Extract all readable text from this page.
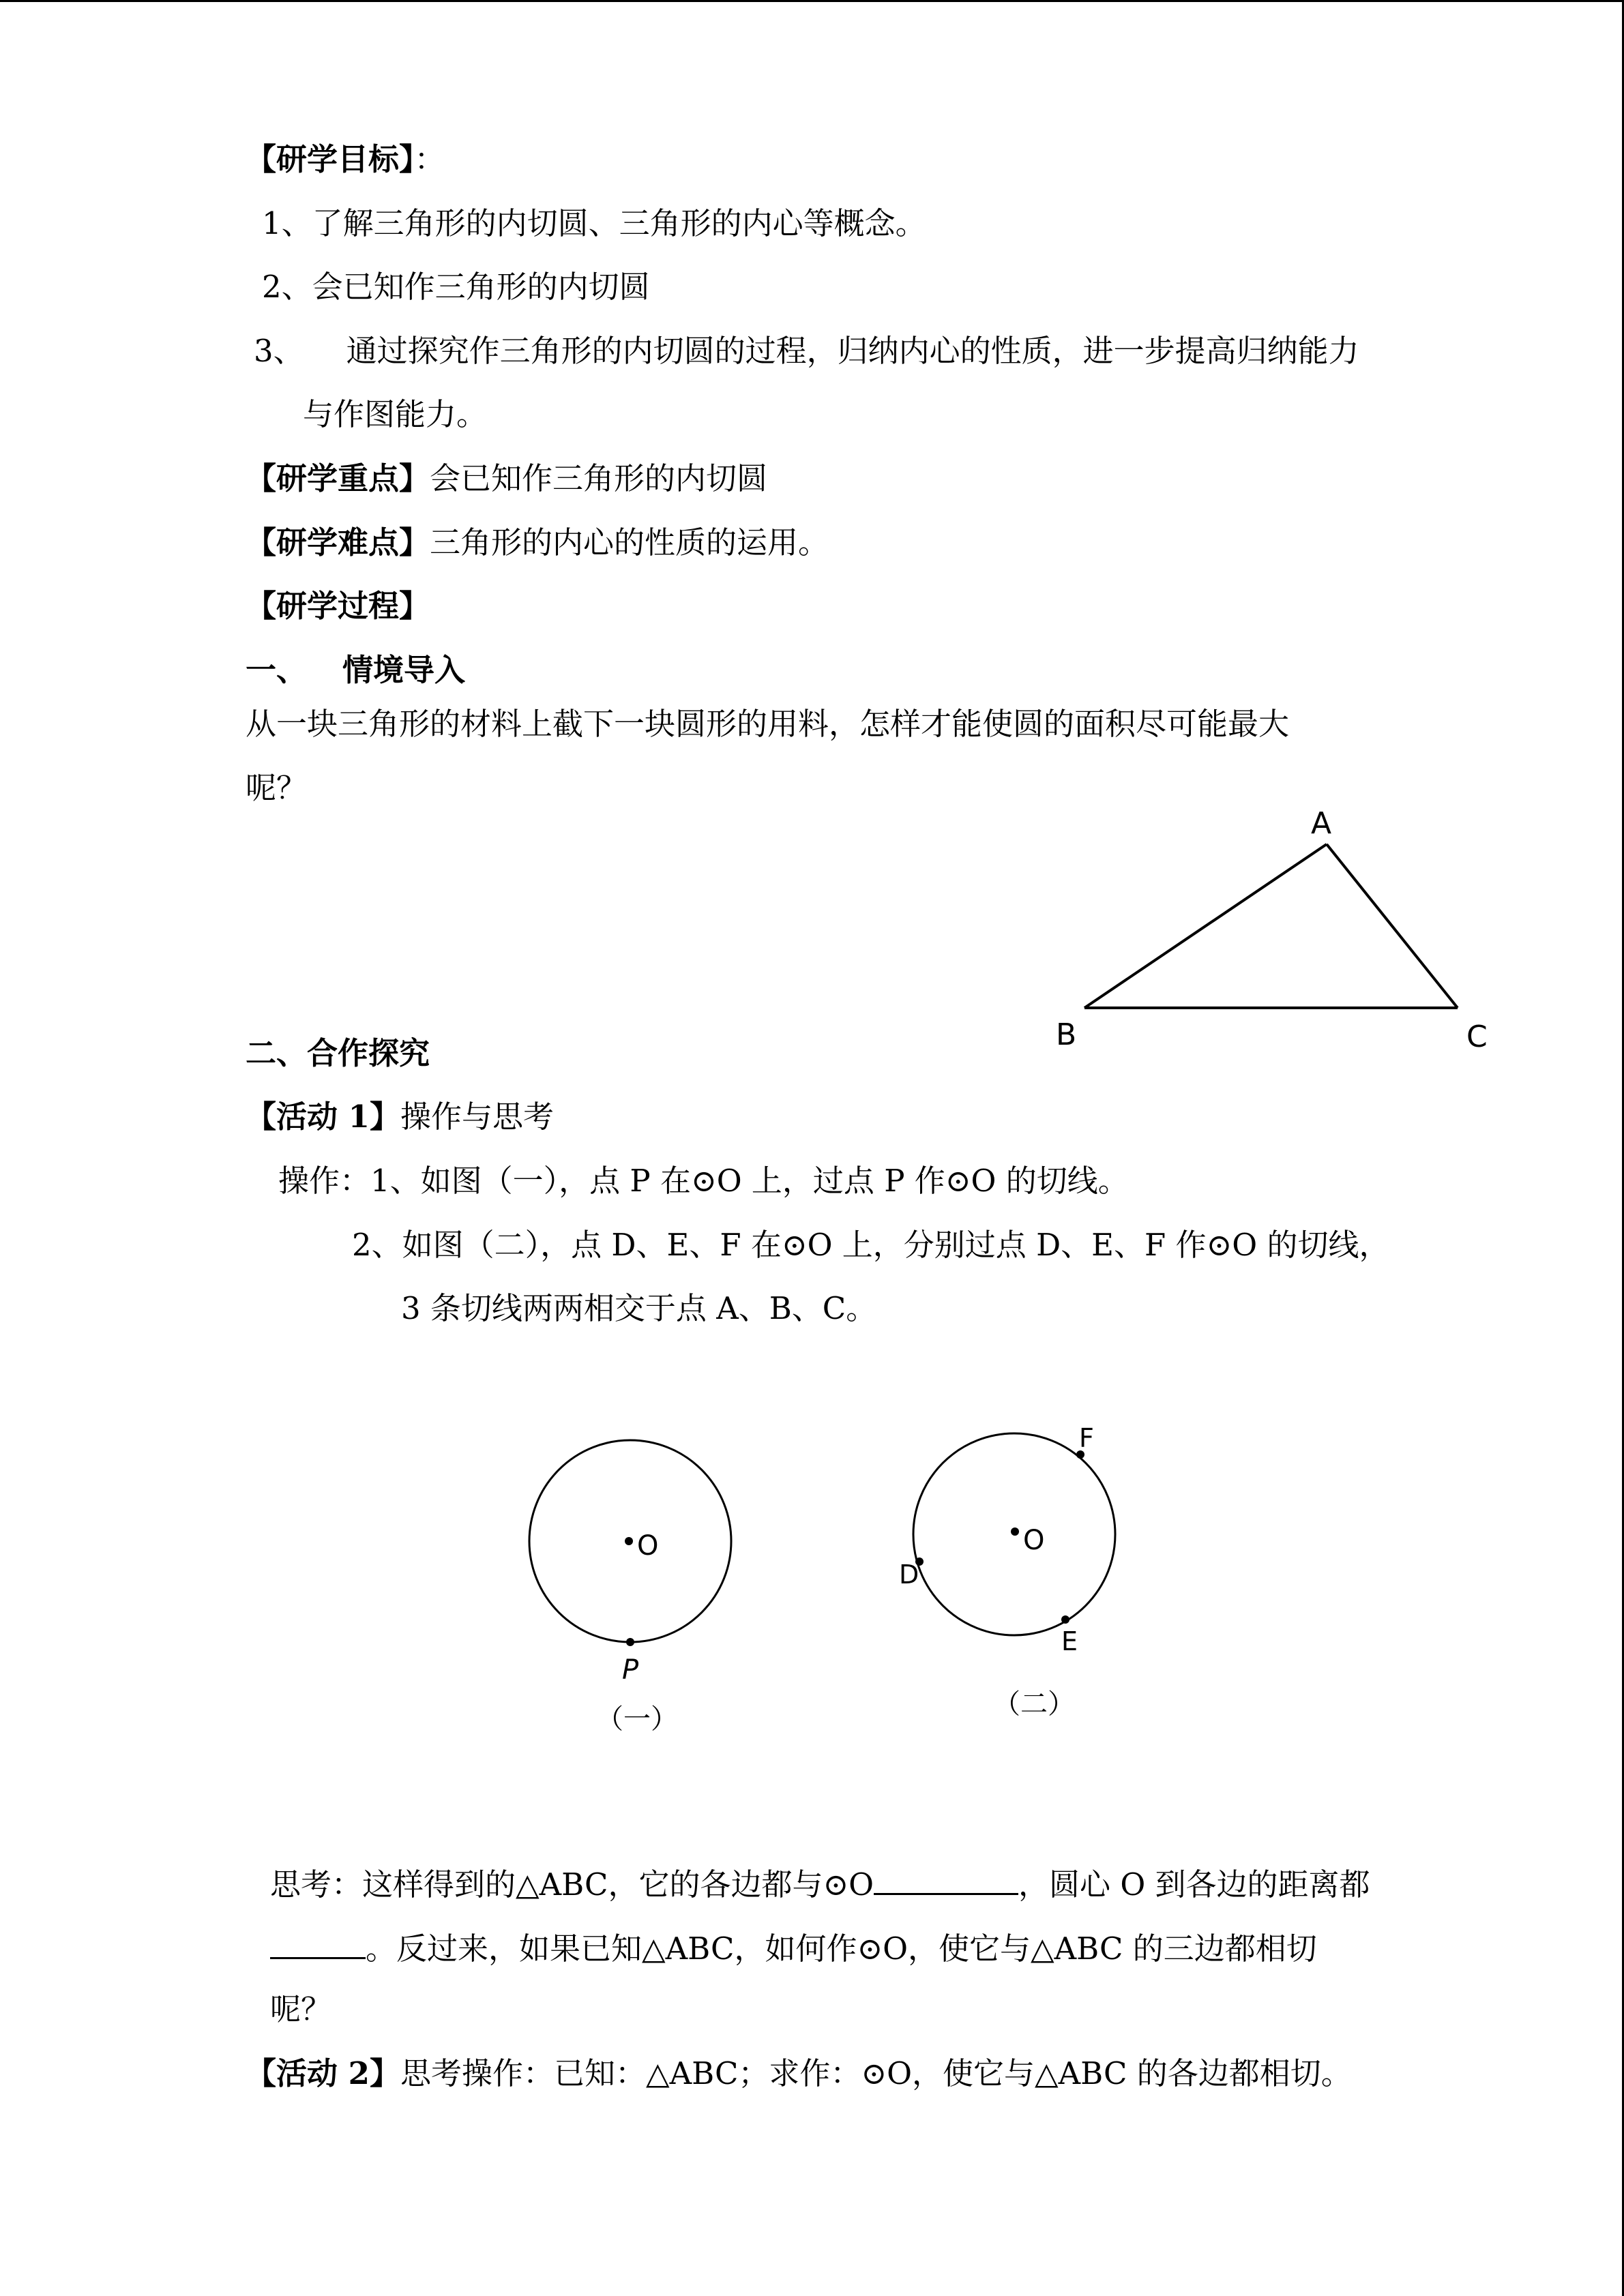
【研学目标】：
1、了解三角形的内切圆、三角形的内心等概念。
2、会已知作三角形的内切圆
3、 通过探究作三角形的内切圆的过程，归纳内心的性质，进一步提高归纳能力
与作图能力。
【研学重点】会已知作三角形的内切圆
【研学难点】三角形的内心的性质的运用。
【研学过程】
一、 情境导入
从一块三角形的材料上截下一块圆形的用料，怎样才能使圆的面积尽可能最大
呢？
二、合作探究
【活动 1】操作与思考
操作：1、如图（一），点 P 在⊙O 上，过点 P 作⊙O 的切线。
2、如图（二），点 D、E、F 在⊙O 上，分别过点 D、E、F 作⊙O 的切线，
3 条切线两两相交于点 A、B、C。
思考：这样得到的△ABC，它的各边都与⊙O	，圆心 O 到各边的距离都
。反过来，如果已知△ABC，如何作⊙O，使它与△ABC 的三边都相切
呢？
【活动 2】思考操作：已知：△ABC；求作：⊙O，使它与△ABC 的各边都相切。
A
B	C
O
P
（一）
O
D
E
F
（二）
